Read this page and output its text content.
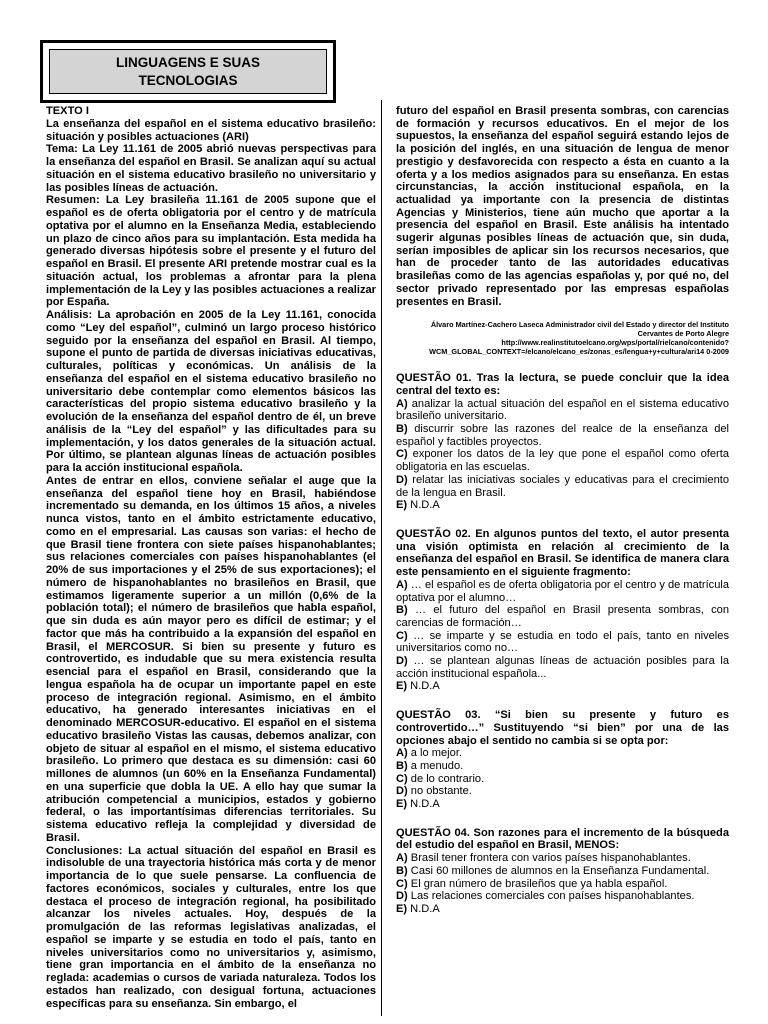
LINGUAGENS E SUAS
TECNOLOGIAS
TEXTO I
La enseñanza del español en el sistema educativo brasileño: situación y posibles actuaciones (ARI)
Tema: La Ley 11.161 de 2005 abrió nuevas perspectivas para la enseñanza del español en Brasil. Se analizan aquí su actual situación en el sistema educativo brasileño no universitario y las posibles líneas de actuación.
Resumen: La Ley brasileña 11.161 de 2005 supone que el español es de oferta obligatoria por el centro y de matrícula optativa por el alumno en la Enseñanza Media, estableciendo un plazo de cinco años para su implantación. Esta medida ha generado diversas hipótesis sobre el presente y el futuro del español en Brasil. El presente ARI pretende mostrar cual es la situación actual, los problemas a afrontar para la plena implementación de la Ley y las posibles actuaciones a realizar por España.
Análisis: La aprobación en 2005 de la Ley 11.161, conocida como “Ley del español”, culminó un largo proceso histórico seguido por la enseñanza del español en Brasil. Al tiempo, supone el punto de partida de diversas iniciativas educativas, culturales, políticas y económicas. Un análisis de la enseñanza del español en el sistema educativo brasileño no universitario debe contemplar como elementos básicos las características del propio sistema educativo brasileño y la evolución de la enseñanza del español dentro de él, un breve análisis de la “Ley del español” y las dificultades para su implementación, y los datos generales de la situación actual. Por último, se plantean algunas líneas de actuación posibles para la acción institucional española.
Antes de entrar en ellos, conviene señalar el auge que la enseñanza del español tiene hoy en Brasil, habiéndose incrementado su demanda, en los últimos 15 años, a niveles nunca vistos, tanto en el ámbito estrictamente educativo, como en el empresarial. Las causas son varias: el hecho de que Brasil tiene frontera con siete países hispanohablantes; sus relaciones comerciales con países hispanohablantes (el 20% de sus importaciones y el 25% de sus exportaciones); el número de hispanohablantes no brasileños en Brasil, que estimamos ligeramente superior a un millón (0,6% de la población total); el número de brasileños que habla español, que sin duda es aún mayor pero es difícil de estimar; y el factor que más ha contribuido a la expansión del español en Brasil, el MERCOSUR. Si bien su presente y futuro es controvertido, es indudable que su mera existencia resulta esencial para el español en Brasil, considerando que la lengua española ha de ocupar un importante papel en este proceso de integración regional. Asimismo, en el ámbito educativo, ha generado interesantes iniciativas en el denominado MERCOSUR-educativo. El español en el sistema educativo brasileño Vistas las causas, debemos analizar, con objeto de situar al español en el mismo, el sistema educativo brasileño. Lo primero que destaca es su dimensión: casi 60 millones de alumnos (un 60% en la Enseñanza Fundamental) en una superficie que dobla la UE. A ello hay que sumar la atribución competencial a municipios, estados y gobierno federal, o las importantísimas diferencias territoriales. Su sistema educativo refleja la complejidad y diversidad de Brasil.
Conclusiones: La actual situación del español en Brasil es indisoluble de una trayectoria histórica más corta y de menor importancia de lo que suele pensarse. La confluencia de factores económicos, sociales y culturales, entre los que destaca el proceso de integración regional, ha posibilitado alcanzar los niveles actuales. Hoy, después de la promulgación de las reformas legislativas analizadas, el español se imparte y se estudia en todo el país, tanto en niveles universitarios como no universitarios y, asimismo, tiene gran importancia en el ámbito de la enseñanza no reglada: academias o cursos de variada naturaleza. Todos los estados han realizado, con desigual fortuna, actuaciones específicas para su enseñanza. Sin embargo, el
futuro del español en Brasil presenta sombras, con carencias de formación y recursos educativos. En el mejor de los supuestos, la enseñanza del español seguirá estando lejos de la posición del inglés, en una situación de lengua de menor prestigio y desfavorecida con respecto a ésta en cuanto a la oferta y a los medios asignados para su enseñanza. En estas circunstancias, la acción institucional española, en la actualidad ya importante con la presencia de distintas Agencias y Ministerios, tiene aún mucho que aportar a la presencia del español en Brasil. Este análisis ha intentado sugerir algunas posibles líneas de actuación que, sin duda, serían imposibles de aplicar sin los recursos necesarios, que han de proceder tanto de las autoridades educativas brasileñas como de las agencias españolas y, por qué no, del sector privado representado por las empresas españolas presentes en Brasil.
Álvaro Martínez-Cachero Laseca Administrador civil del Estado y director del Instituto
Cervantes de Porto Alegre
http://www.realinstitutoelcano.org/wps/portal/rielcano/contenido?
WCM_GLOBAL_CONTEXT=/elcano/elcano_es/zonas_es/lengua+y+cultura/ari14 0-2009
QUESTÃO 01. Tras la lectura, se puede concluir que la idea central del texto es:
A) analizar la actual situación del español en el sistema educativo brasileño universitario.
B) discurrir sobre las razones del realce de la enseñanza del español y factibles proyectos.
C) exponer los datos de la ley que pone el español como oferta obligatoria en las escuelas.
D) relatar las iniciativas sociales y educativas para el crecimiento de la lengua en Brasil.
E) N.D.A
QUESTÃO 02. En algunos puntos del texto, el autor presenta una visión optimista en relación al crecimiento de la enseñanza del español en Brasil. Se identifica de manera clara este pensamiento en el siguiente fragmento:
A) … el español es de oferta obligatoria por el centro y de matrícula optativa por el alumno…
B) … el futuro del español en Brasil presenta sombras, con carencias de formación…
C) … se imparte y se estudia en todo el país, tanto en niveles universitarios como no…
D) … se plantean algunas líneas de actuación posibles para la acción institucional española...
E) N.D.A
QUESTÃO 03. “Si bien su presente y futuro es controvertido…” Sustituyendo “si bien” por una de las opciones abajo el sentido no cambia si se opta por:
A) a lo mejor.
B) a menudo.
C) de lo contrario.
D) no obstante.
E) N.D.A
QUESTÃO 04. Son razones para el incremento de la búsqueda del estudio del español en Brasil, MENOS:
A) Brasil tener frontera con varios países hispanohablantes.
B) Casi 60 millones de alumnos en la Enseñanza Fundamental.
C) El gran número de brasileños que ya habla español.
D) Las relaciones comerciales con países hispanohablantes.
E) N.D.A
